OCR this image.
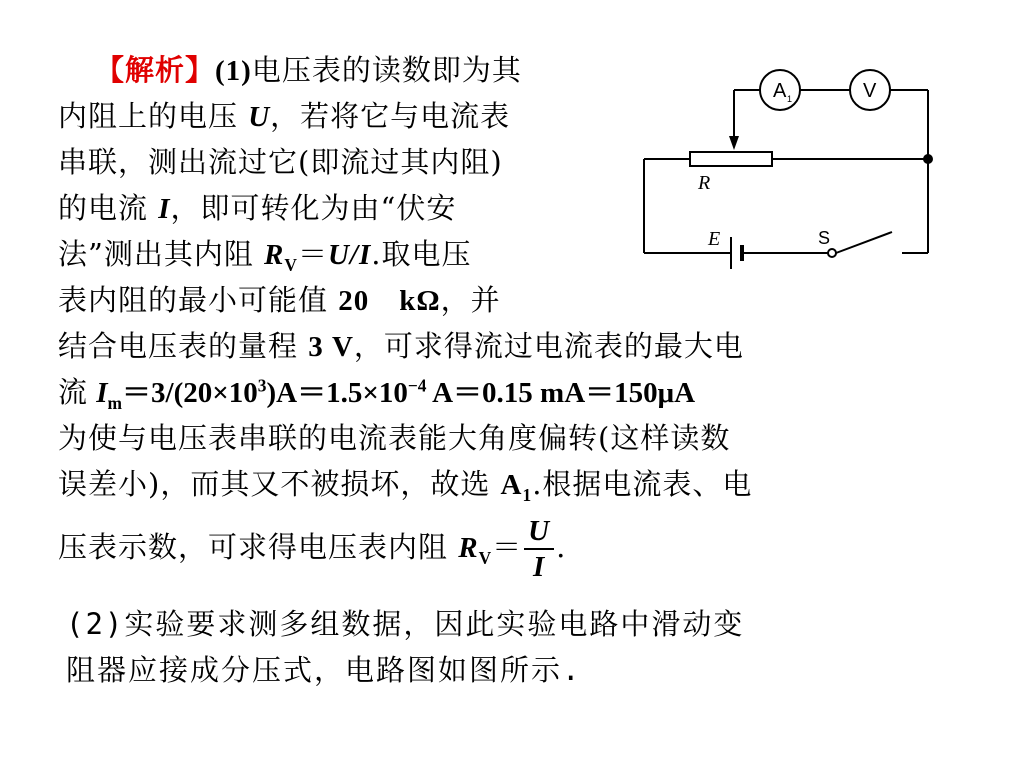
【解析】(1)电压表的读数即为其
内阻上的电压 U，若将它与电流表
串联，测出流过它(即流过其内阻)
的电流 I，即可转化为由“伏安
法”测出其内阻 $R_V=U/I$.取电压
表内阻的最小可能值 20　kΩ，并
结合电压表的量程 3 V，可求得流过电流表的最大电
流 $I_m=3/(20\times 10^3)A=1.5\times 10^{-4}$ A＝0.15 mA＝150μA
为使与电压表串联的电流表能大角度偏转(这样读数
误差小)，而其又不被损坏，故选 $A_1$.根据电流表、电
压表示数，可求得电压表内阻 $R_V= \frac{U}{I}$ .
(2)实验要求测多组数据，因此实验电路中滑动变
阻器应接成分压式，电路图如图所示.
A 1	V
R
E	S
